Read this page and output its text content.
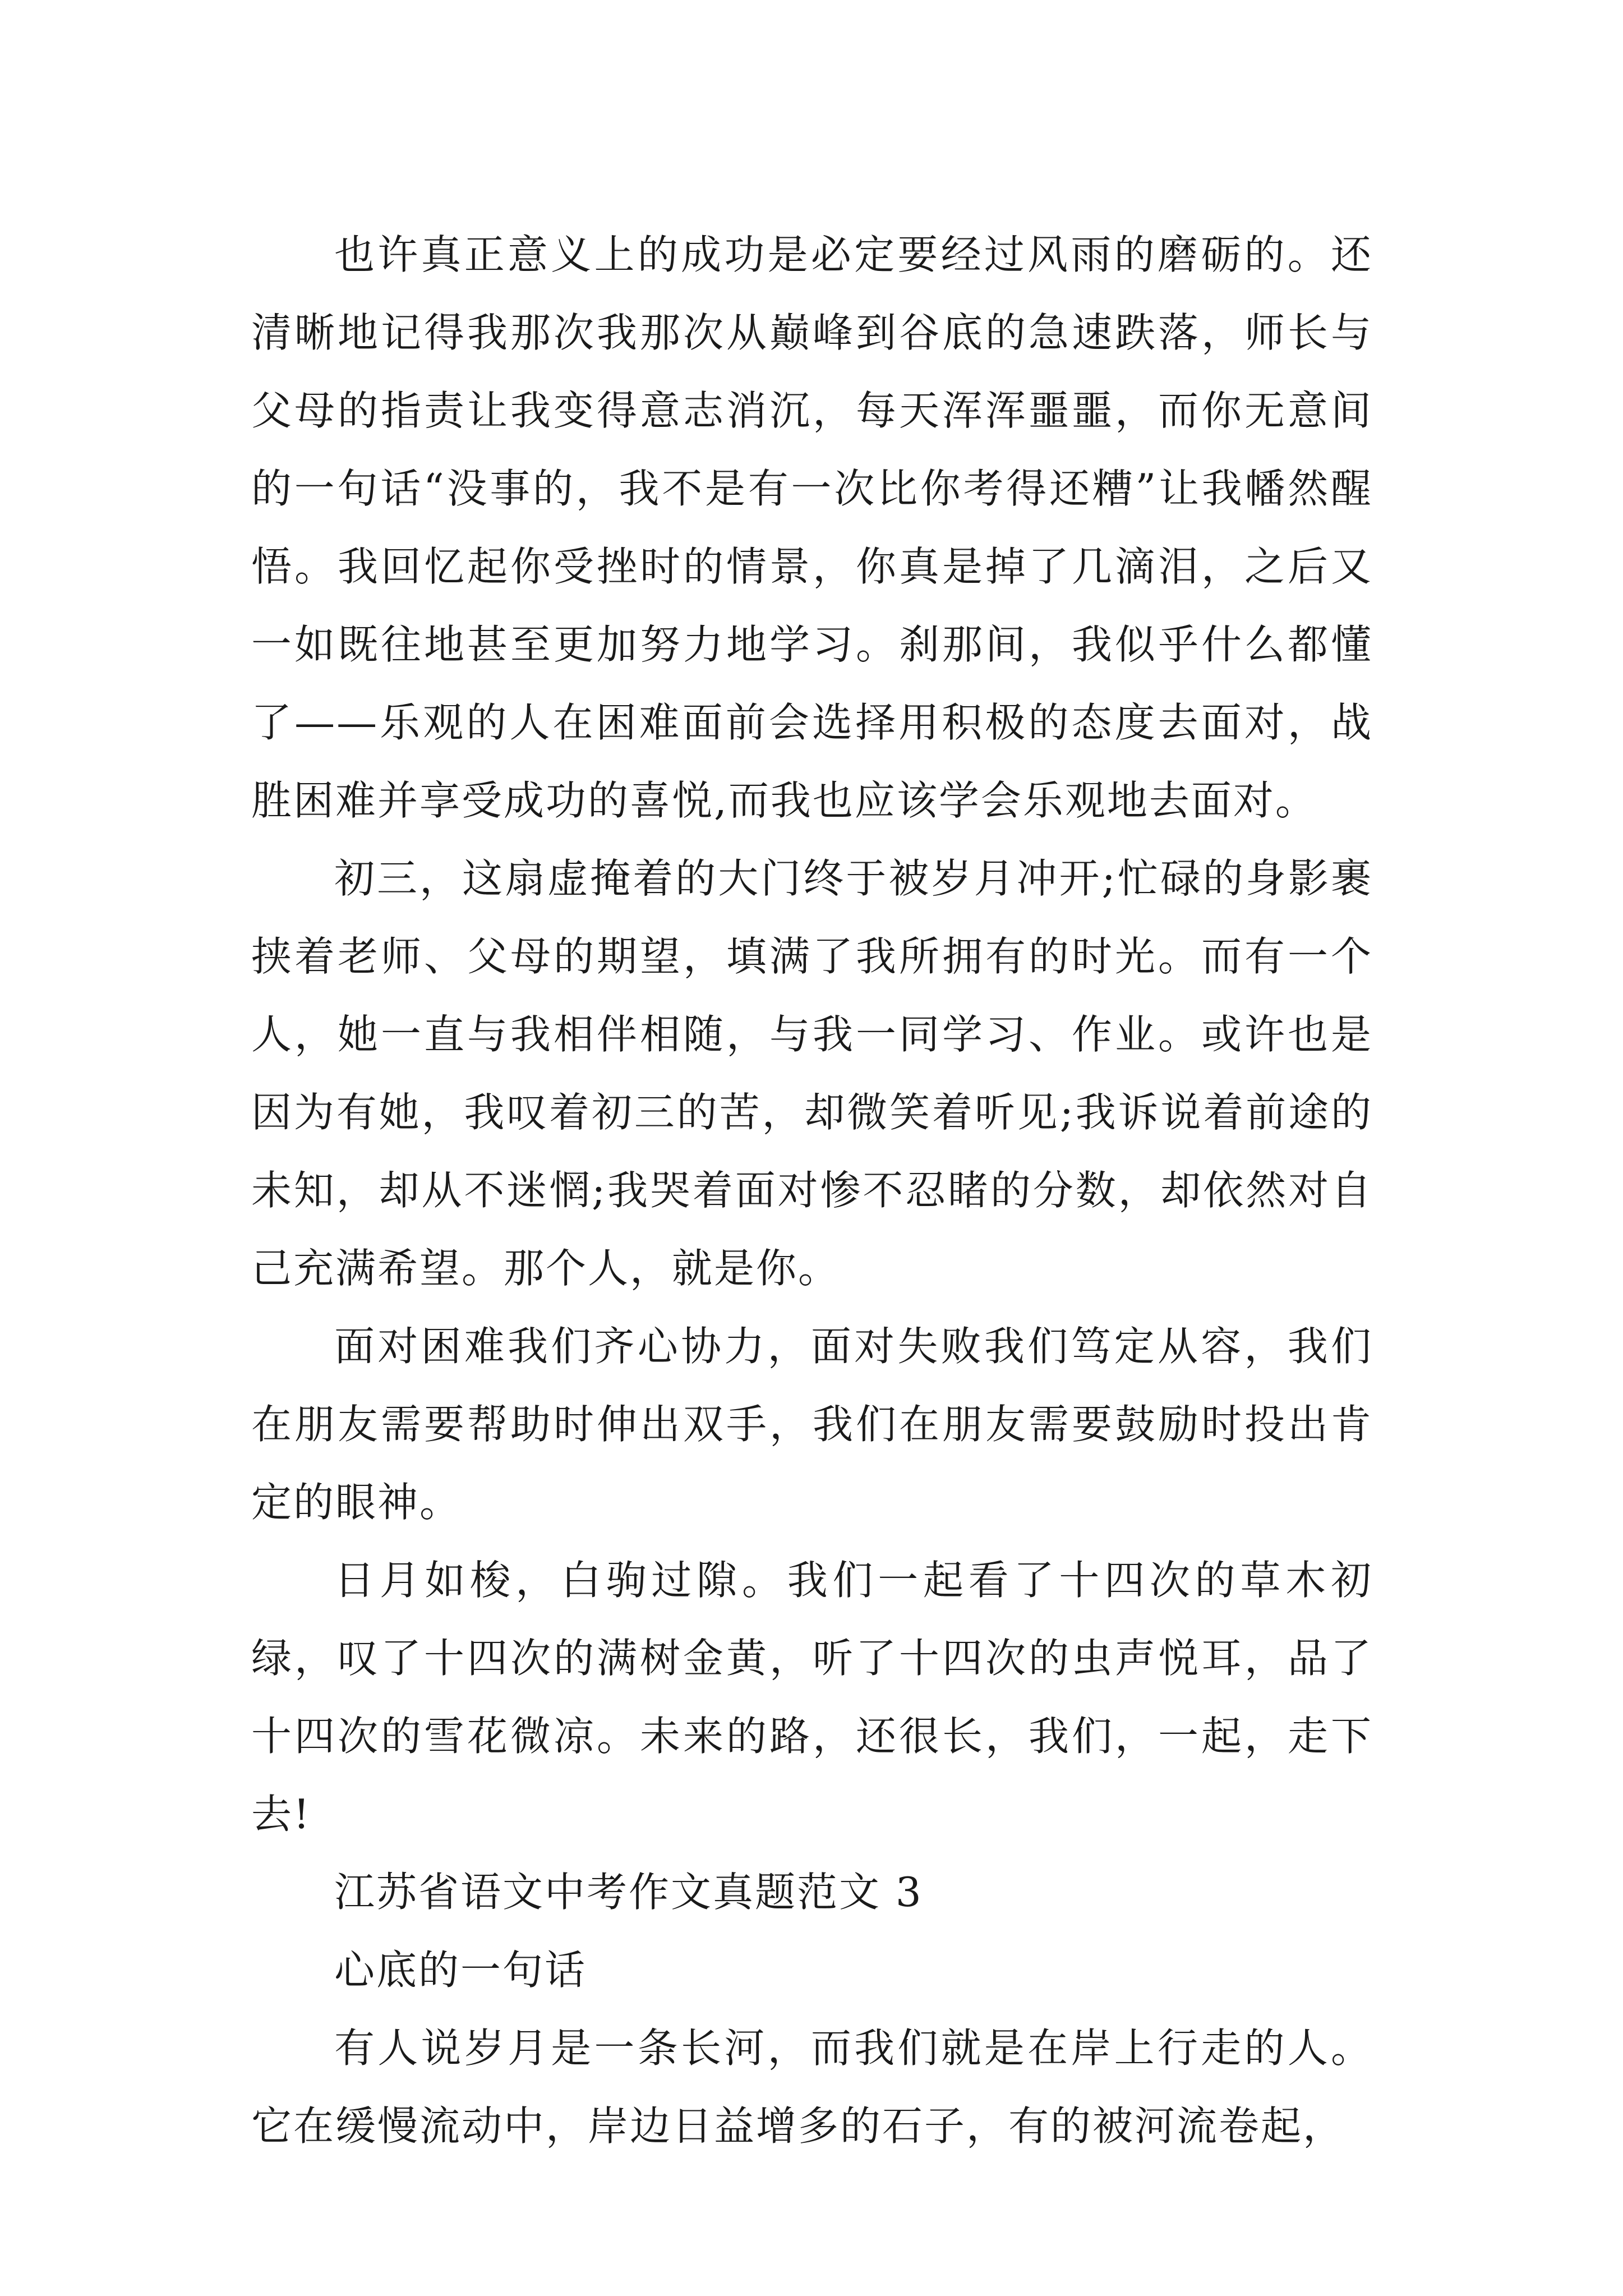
也许真正意义上的成功是必定要经过风雨的磨砺的。还清晰地记得我那次我那次从巅峰到谷底的急速跌落，师长与父母的指责让我变得意志消沉，每天浑浑噩噩，而你无意间的一句话“没事的，我不是有一次比你考得还糟”让我幡然醒悟。我回忆起你受挫时的情景，你真是掉了几滴泪，之后又一如既往地甚至更加努力地学习。刹那间，我似乎什么都懂了——乐观的人在困难面前会选择用积极的态度去面对，战胜困难并享受成功的喜悦,而我也应该学会乐观地去面对。

初三，这扇虚掩着的大门终于被岁月冲开;忙碌的身影裹挟着老师、父母的期望，填满了我所拥有的时光。而有一个人，她一直与我相伴相随，与我一同学习、作业。或许也是因为有她，我叹着初三的苦，却微笑着听见;我诉说着前途的未知，却从不迷惘;我哭着面对惨不忍睹的分数，却依然对自己充满希望。那个人，就是你。

面对困难我们齐心协力，面对失败我们笃定从容，我们在朋友需要帮助时伸出双手，我们在朋友需要鼓励时投出肯定的眼神。

日月如梭，白驹过隙。我们一起看了十四次的草木初绿，叹了十四次的满树金黄，听了十四次的虫声悦耳，品了十四次的雪花微凉。未来的路，还很长，我们，一起，走下去!

江苏省语文中考作文真题范文 3

心底的一句话

有人说岁月是一条长河，而我们就是在岸上行走的人。它在缓慢流动中，岸边日益增多的石子，有的被河流卷起，
